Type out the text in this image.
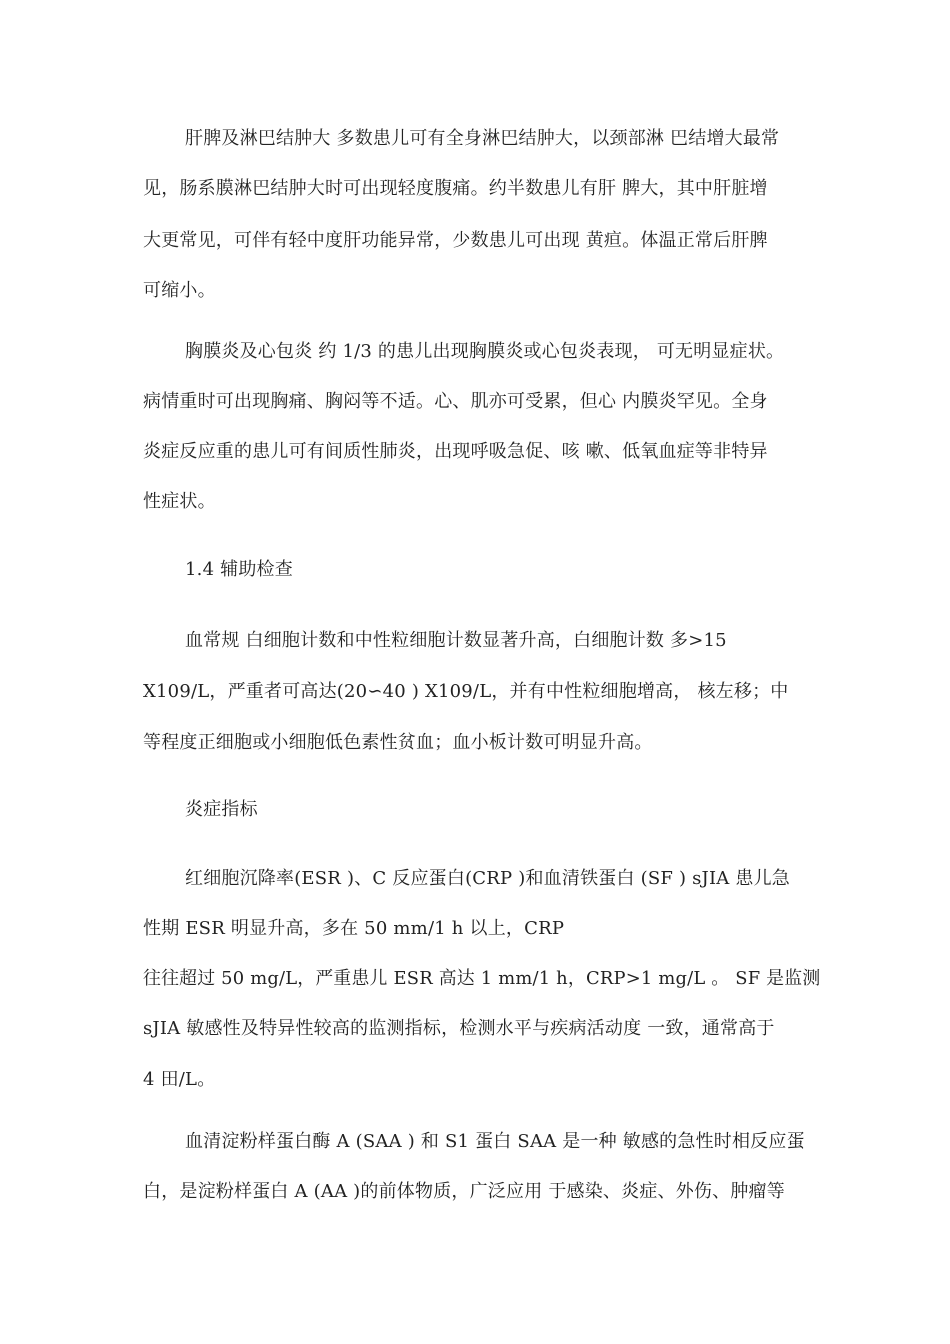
肝脾及淋巴结肿大 多数患儿可有全身淋巴结肿大，以颈部淋 巴结增大最常
见，肠系膜淋巴结肿大时可出现轻度腹痛。约半数患儿有肝 脾大，其中肝脏增
大更常见，可伴有轻中度肝功能异常，少数患儿可出现 黄疸。体温正常后肝脾
可缩小。
胸膜炎及心包炎 约 1/3 的患儿出现胸膜炎或心包炎表现， 可无明显症状。
病情重时可出现胸痛、胸闷等不适。心、肌亦可受累，但心 内膜炎罕见。全身
炎症反应重的患儿可有间质性肺炎，出现呼吸急促、咳 嗽、低氧血症等非特异
性症状。
1.4 辅助检查
血常规 白细胞计数和中性粒细胞计数显著升高，白细胞计数 多>15
X109/L，严重者可高达(20∽40 ) X109/L，并有中性粒细胞增高， 核左移；中
等程度正细胞或小细胞低色素性贫血；血小板计数可明显升高。
炎症指标
红细胞沉降率(ESR )、C 反应蛋白(CRP )和血清铁蛋白 (SF ) sJIA 患儿急
性期 ESR 明显升高，多在 50 mm/1 h 以上，CRP
往往超过 50 mg/L，严重患儿 ESR 高达 1 mm/1 h，CRP>1 mg/L 。 SF 是监测
sJIA 敏感性及特异性较高的监测指标，检测水平与疾病活动度 一致，通常高于
4 田/L。
血清淀粉样蛋白酶 A (SAA ) 和 S1 蛋白 SAA 是一种 敏感的急性时相反应蛋
白，是淀粉样蛋白 A (AA )的前体物质，广泛应用 于感染、炎症、外伤、肿瘤等
